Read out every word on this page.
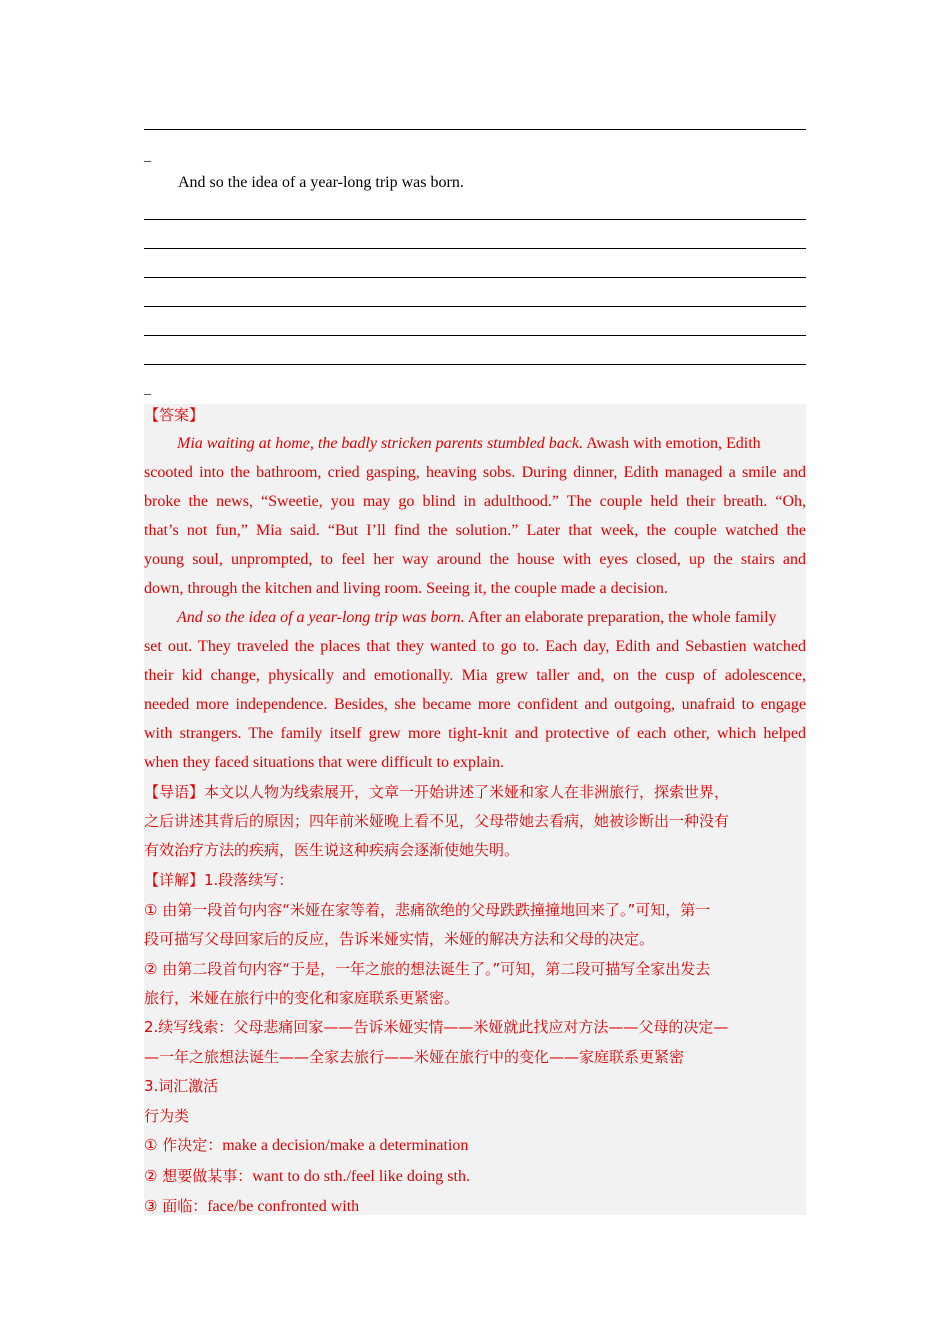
_
And so the idea of a year-long trip was born.
_
【答案】
Mia waiting at home, the badly stricken parents stumbled back. Awash with emotion, Edith
scooted into the bathroom, cried gasping, heaving sobs. During dinner, Edith managed a smile and
broke the news, “Sweetie, you may go blind in adulthood.” The couple held their breath. “Oh,
that’s not fun,” Mia said. “But I’ll find the solution.” Later that week, the couple watched the
young soul, unprompted, to feel her way around the house with eyes closed, up the stairs and
down, through the kitchen and living room. Seeing it, the couple made a decision.
And so the idea of a year-long trip was born. After an elaborate preparation, the whole family
set out. They traveled the places that they wanted to go to. Each day, Edith and Sebastien watched
their kid change, physically and emotionally. Mia grew taller and, on the cusp of adolescence,
needed more independence. Besides, she became more confident and outgoing, unafraid to engage
with strangers. The family itself grew more tight-knit and protective of each other, which helped
when they faced situations that were difficult to explain.
【导语】本文以人物为线索展开，文章一开始讲述了米娅和家人在非洲旅行，探索世界，
之后讲述其背后的原因；四年前米娅晚上看不见，父母带她去看病，她被诊断出一种没有
有效治疗方法的疾病，医生说这种疾病会逐渐使她失明。
【详解】1.段落续写：
① 由第一段首句内容“米娅在家等着，悲痛欲绝的父母跌跌撞撞地回来了。”可知，第一
段可描写父母回家后的反应，告诉米娅实情，米娅的解决方法和父母的决定。
② 由第二段首句内容“于是，一年之旅的想法诞生了。”可知，第二段可描写全家出发去
旅行，米娅在旅行中的变化和家庭联系更紧密。
2.续写线索：父母悲痛回家——告诉米娅实情——米娅就此找应对方法——父母的决定—
—一年之旅想法诞生——全家去旅行——米娅在旅行中的变化——家庭联系更紧密
3.词汇激活
行为类
① 作决定：make a decision/make a determination
② 想要做某事：want to do sth./feel like doing sth.
③ 面临：face/be confronted with
